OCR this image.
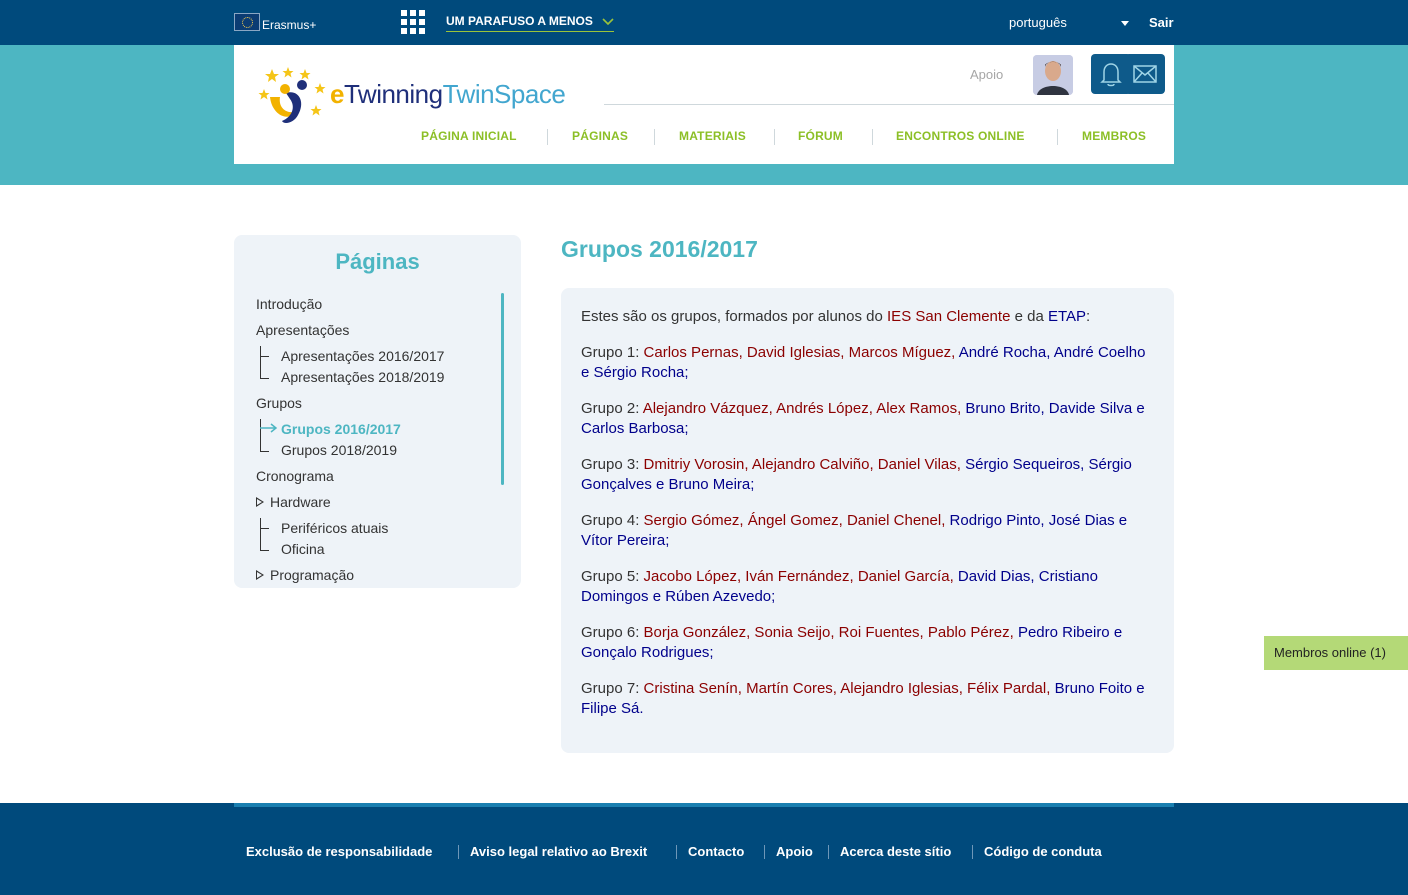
Erasmus+	UM PARAFUSO A MENOS	português	Sair
eTwinningTwinSpace
Apoio
PÁGINA INICIAL	PÁGINAS	MATERIAIS	FÓRUM	ENCONTROS ONLINE	MEMBROS
Páginas
Introdução
Apresentações
Apresentações 2016/2017
Apresentações 2018/2019
Grupos
Grupos 2016/2017
Grupos 2018/2019
Cronograma
Hardware
Periféricos atuais
Oficina
Programação
Grupos 2016/2017

Estes são os grupos, formados por alunos do IES San Clemente e da ETAP:

Grupo 1: Carlos Pernas, David Iglesias, Marcos Míguez, André Rocha, André Coelho e Sérgio Rocha;

Grupo 2: Alejandro Vázquez, Andrés López, Alex Ramos, Bruno Brito, Davide Silva e Carlos Barbosa;

Grupo 3: Dmitriy Vorosin, Alejandro Calviño, Daniel Vilas, Sérgio Sequeiros, Sérgio Gonçalves e Bruno Meira;

Grupo 4: Sergio Gómez, Ángel Gomez, Daniel Chenel, Rodrigo Pinto, José Dias e Vítor Pereira;

Grupo 5: Jacobo López, Iván Fernández, Daniel García, David Dias, Cristiano Domingos e Rúben Azevedo;

Grupo 6: Borja González, Sonia Seijo, Roi Fuentes, Pablo Pérez, Pedro Ribeiro e Gonçalo Rodrigues;

Grupo 7: Cristina Senín, Martín Cores, Alejandro Iglesias, Félix Pardal, Bruno Foito e Filipe Sá.

Membros online (1)
Exclusão de responsabilidade	Aviso legal relativo ao Brexit	Contacto Apoio Acerca deste sítio	Código de conduta
